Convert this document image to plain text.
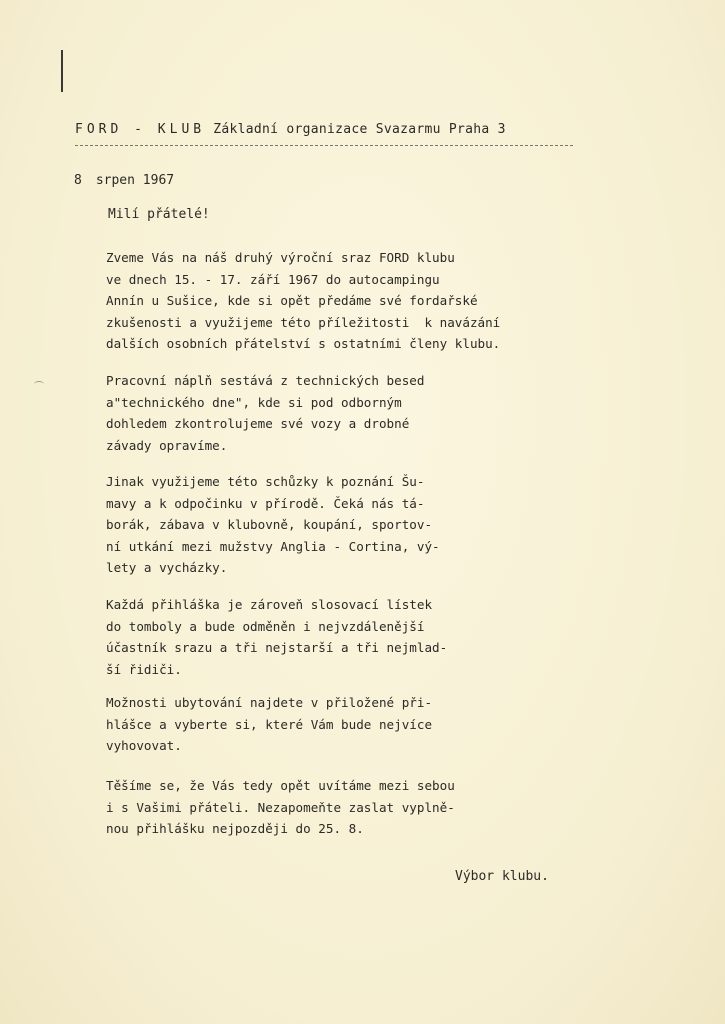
FORD - KLUB Základní organizace Svazarmu Praha 3
8 srpen 1967
Milí přátelé!
Zveme Vás na náš druhý výroční sraz FORD klubu
ve dnech 15. - 17. září 1967 do autocampingu
Annín u Sušice, kde si opět předáme své fordařské
zkušenosti a využijeme této příležitosti  k navázání
dalších osobních přátelství s ostatními členy klubu.
Pracovní náplň sestává z technických besed
a"technického dne", kde si pod odborným
dohledem zkontrolujeme své vozy a drobné
závady opravíme.
Jinak využijeme této schůzky k poznání Šu-
mavy a k odpočinku v přírodě. Čeká nás tá-
borák, zábava v klubovně, koupání, sportov-
ní utkání mezi mužstvy Anglia - Cortina, vý-
lety a vycházky.
Každá přihláška je zároveň slosovací lístek
do tomboly a bude odměněn i nejvzdálenější
účastník srazu a tři nejstarší a tři nejmlad-
ší řidiči.
Možnosti ubytování najdete v přiložené při-
hlášce a vyberte si, které Vám bude nejvíce
vyhovovat.
Těšíme se, že Vás tedy opět uvítáme mezi sebou
i s Vašimi přáteli. Nezapomeňte zaslat vyplně-
nou přihlášku nejpozději do 25. 8.
Výbor klubu.
